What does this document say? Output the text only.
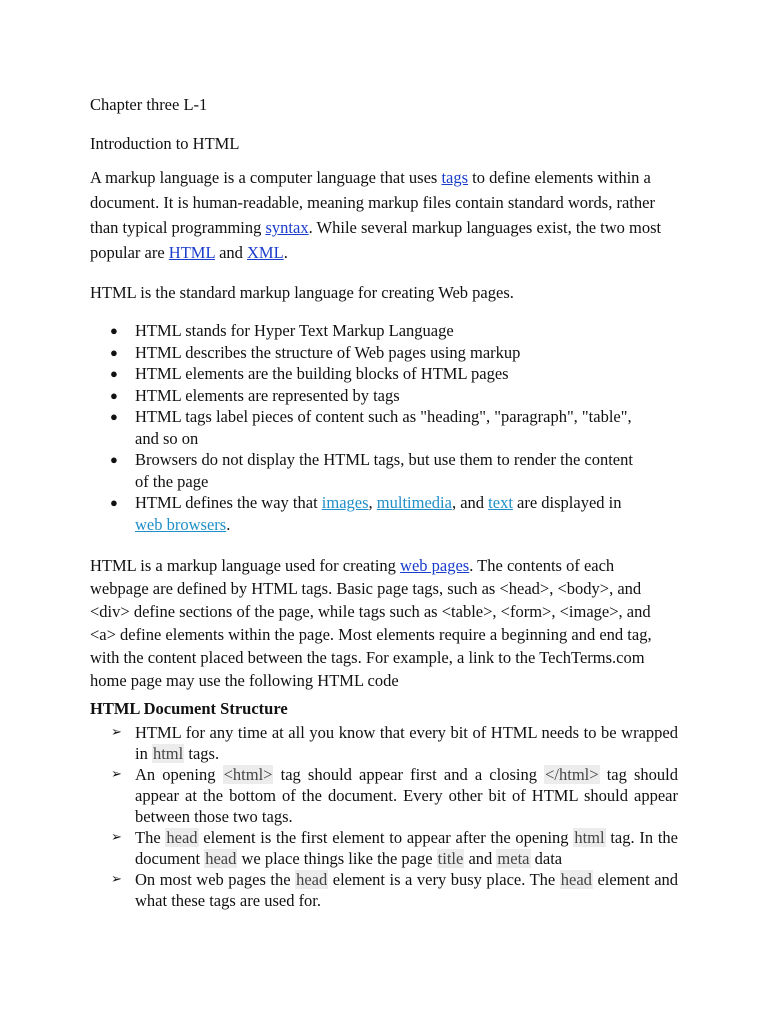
Chapter three L-1
Introduction to HTML
A markup language is a computer language that uses tags to define elements within a document. It is human-readable, meaning markup files contain standard words, rather than typical programming syntax. While several markup languages exist, the two most popular are HTML and XML.
HTML is the standard markup language for creating Web pages.
● HTML stands for Hyper Text Markup Language
● HTML describes the structure of Web pages using markup
● HTML elements are the building blocks of HTML pages
● HTML elements are represented by tags
● HTML tags label pieces of content such as "heading", "paragraph", "table", and so on
● Browsers do not display the HTML tags, but use them to render the content of the page
● HTML defines the way that images, multimedia, and text are displayed in web browsers.
HTML is a markup language used for creating web pages. The contents of each webpage are defined by HTML tags. Basic page tags, such as <head>, <body>, and <div> define sections of the page, while tags such as <table>, <form>, <image>, and <a> define elements within the page. Most elements require a beginning and end tag, with the content placed between the tags. For example, a link to the TechTerms.com home page may use the following HTML code
HTML Document Structure
➢ HTML for any time at all you know that every bit of HTML needs to be wrapped in html tags.
➢ An opening <html> tag should appear first and a closing </html> tag should appear at the bottom of the document. Every other bit of HTML should appear between those two tags.
➢ The head element is the first element to appear after the opening html tag. In the document head we place things like the page title and meta data
➢ On most web pages the head element is a very busy place. The head element and what these tags are used for.
